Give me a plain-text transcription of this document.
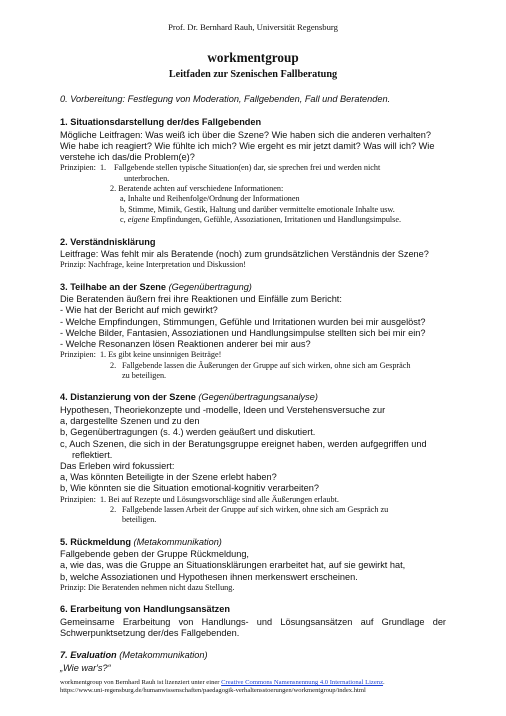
Prof. Dr. Bernhard Rauh, Universität Regensburg
workmentgroup
Leitfaden zur Szenischen Fallberatung
0. Vorbereitung: Festlegung von Moderation, Fallgebenden, Fall und Beratenden.
1. Situationsdarstellung der/des Fallgebenden
Mögliche Leitfragen: Was weiß ich über die Szene? Wie haben sich die anderen verhalten?
Wie habe ich reagiert? Wie fühlte ich mich? Wie ergeht es mir jetzt damit? Was will ich? Wie
verstehe ich das/die Problem(e)?
Prinzipien: 1. Fallgebende stellen typische Situation(en) dar, sie sprechen frei und werden nicht
unterbrochen.
2. Beratende achten auf verschiedene Informationen:
a, Inhalte und Reihenfolge/Ordnung der Informationen
b, Stimme, Mimik, Gestik, Haltung und darüber vermittelte emotionale Inhalte usw.
c, eigene Empfindungen, Gefühle, Assoziationen, Irritationen und Handlungsimpulse.
2. Verständnisklärung
Leitfrage: Was fehlt mir als Beratende (noch) zum grundsätzlichen Verständnis der Szene?
Prinzip: Nachfrage, keine Interpretation und Diskussion!
3. Teilhabe an der Szene (Gegenübertragung)
Die Beratenden äußern frei ihre Reaktionen und Einfälle zum Bericht:
- Wie hat der Bericht auf mich gewirkt?
- Welche Empfindungen, Stimmungen, Gefühle und Irritationen wurden bei mir ausgelöst?
- Welche Bilder, Fantasien, Assoziationen und Handlungsimpulse stellten sich bei mir ein?
- Welche Resonanzen lösen Reaktionen anderer bei mir aus?
Prinzipien: 1. Es gibt keine unsinnigen Beiträge!
2. Fallgebende lassen die Äußerungen der Gruppe auf sich wirken, ohne sich am Gespräch
zu beteiligen.
4. Distanzierung von der Szene (Gegenübertragungsanalyse)
Hypothesen, Theoriekonzepte und -modelle, Ideen und Verstehensversuche zur
a, dargestellte Szenen und zu den
b, Gegenübertragungen (s. 4.) werden geäußert und diskutiert.
c, Auch Szenen, die sich in der Beratungsgruppe ereignet haben, werden aufgegriffen und
reflektiert.
Das Erleben wird fokussiert:
a, Was könnten Beteiligte in der Szene erlebt haben?
b, Wie könnten sie die Situation emotional-kognitiv verarbeiten?
Prinzipien: 1. Bei auf Rezepte und Lösungsvorschläge sind alle Äußerungen erlaubt.
2. Fallgebende lassen Arbeit der Gruppe auf sich wirken, ohne sich am Gespräch zu
beteiligen.
5. Rückmeldung (Metakommunikation)
Fallgebende geben der Gruppe Rückmeldung,
a, wie das, was die Gruppe an Situationsklärungen erarbeitet hat, auf sie gewirkt hat,
b, welche Assoziationen und Hypothesen ihnen merkenswert erscheinen.
Prinzip: Die Beratenden nehmen nicht dazu Stellung.
6. Erarbeitung von Handlungsansätzen
Gemeinsame Erarbeitung von Handlungs- und Lösungsansätzen auf Grundlage der
Schwerpunktsetzung der/des Fallgebenden.
7. Evaluation (Metakommunikation)
„Wie war's?“
workmentgroup von Bernhard Rauh ist lizenziert unter einer Creative Commons Namensnennung 4.0 International Lizenz.
https://www.uni-regensburg.de/humanwissenschaften/paedagogik-verhaltensstoerungen/workmentgroup/index.html
